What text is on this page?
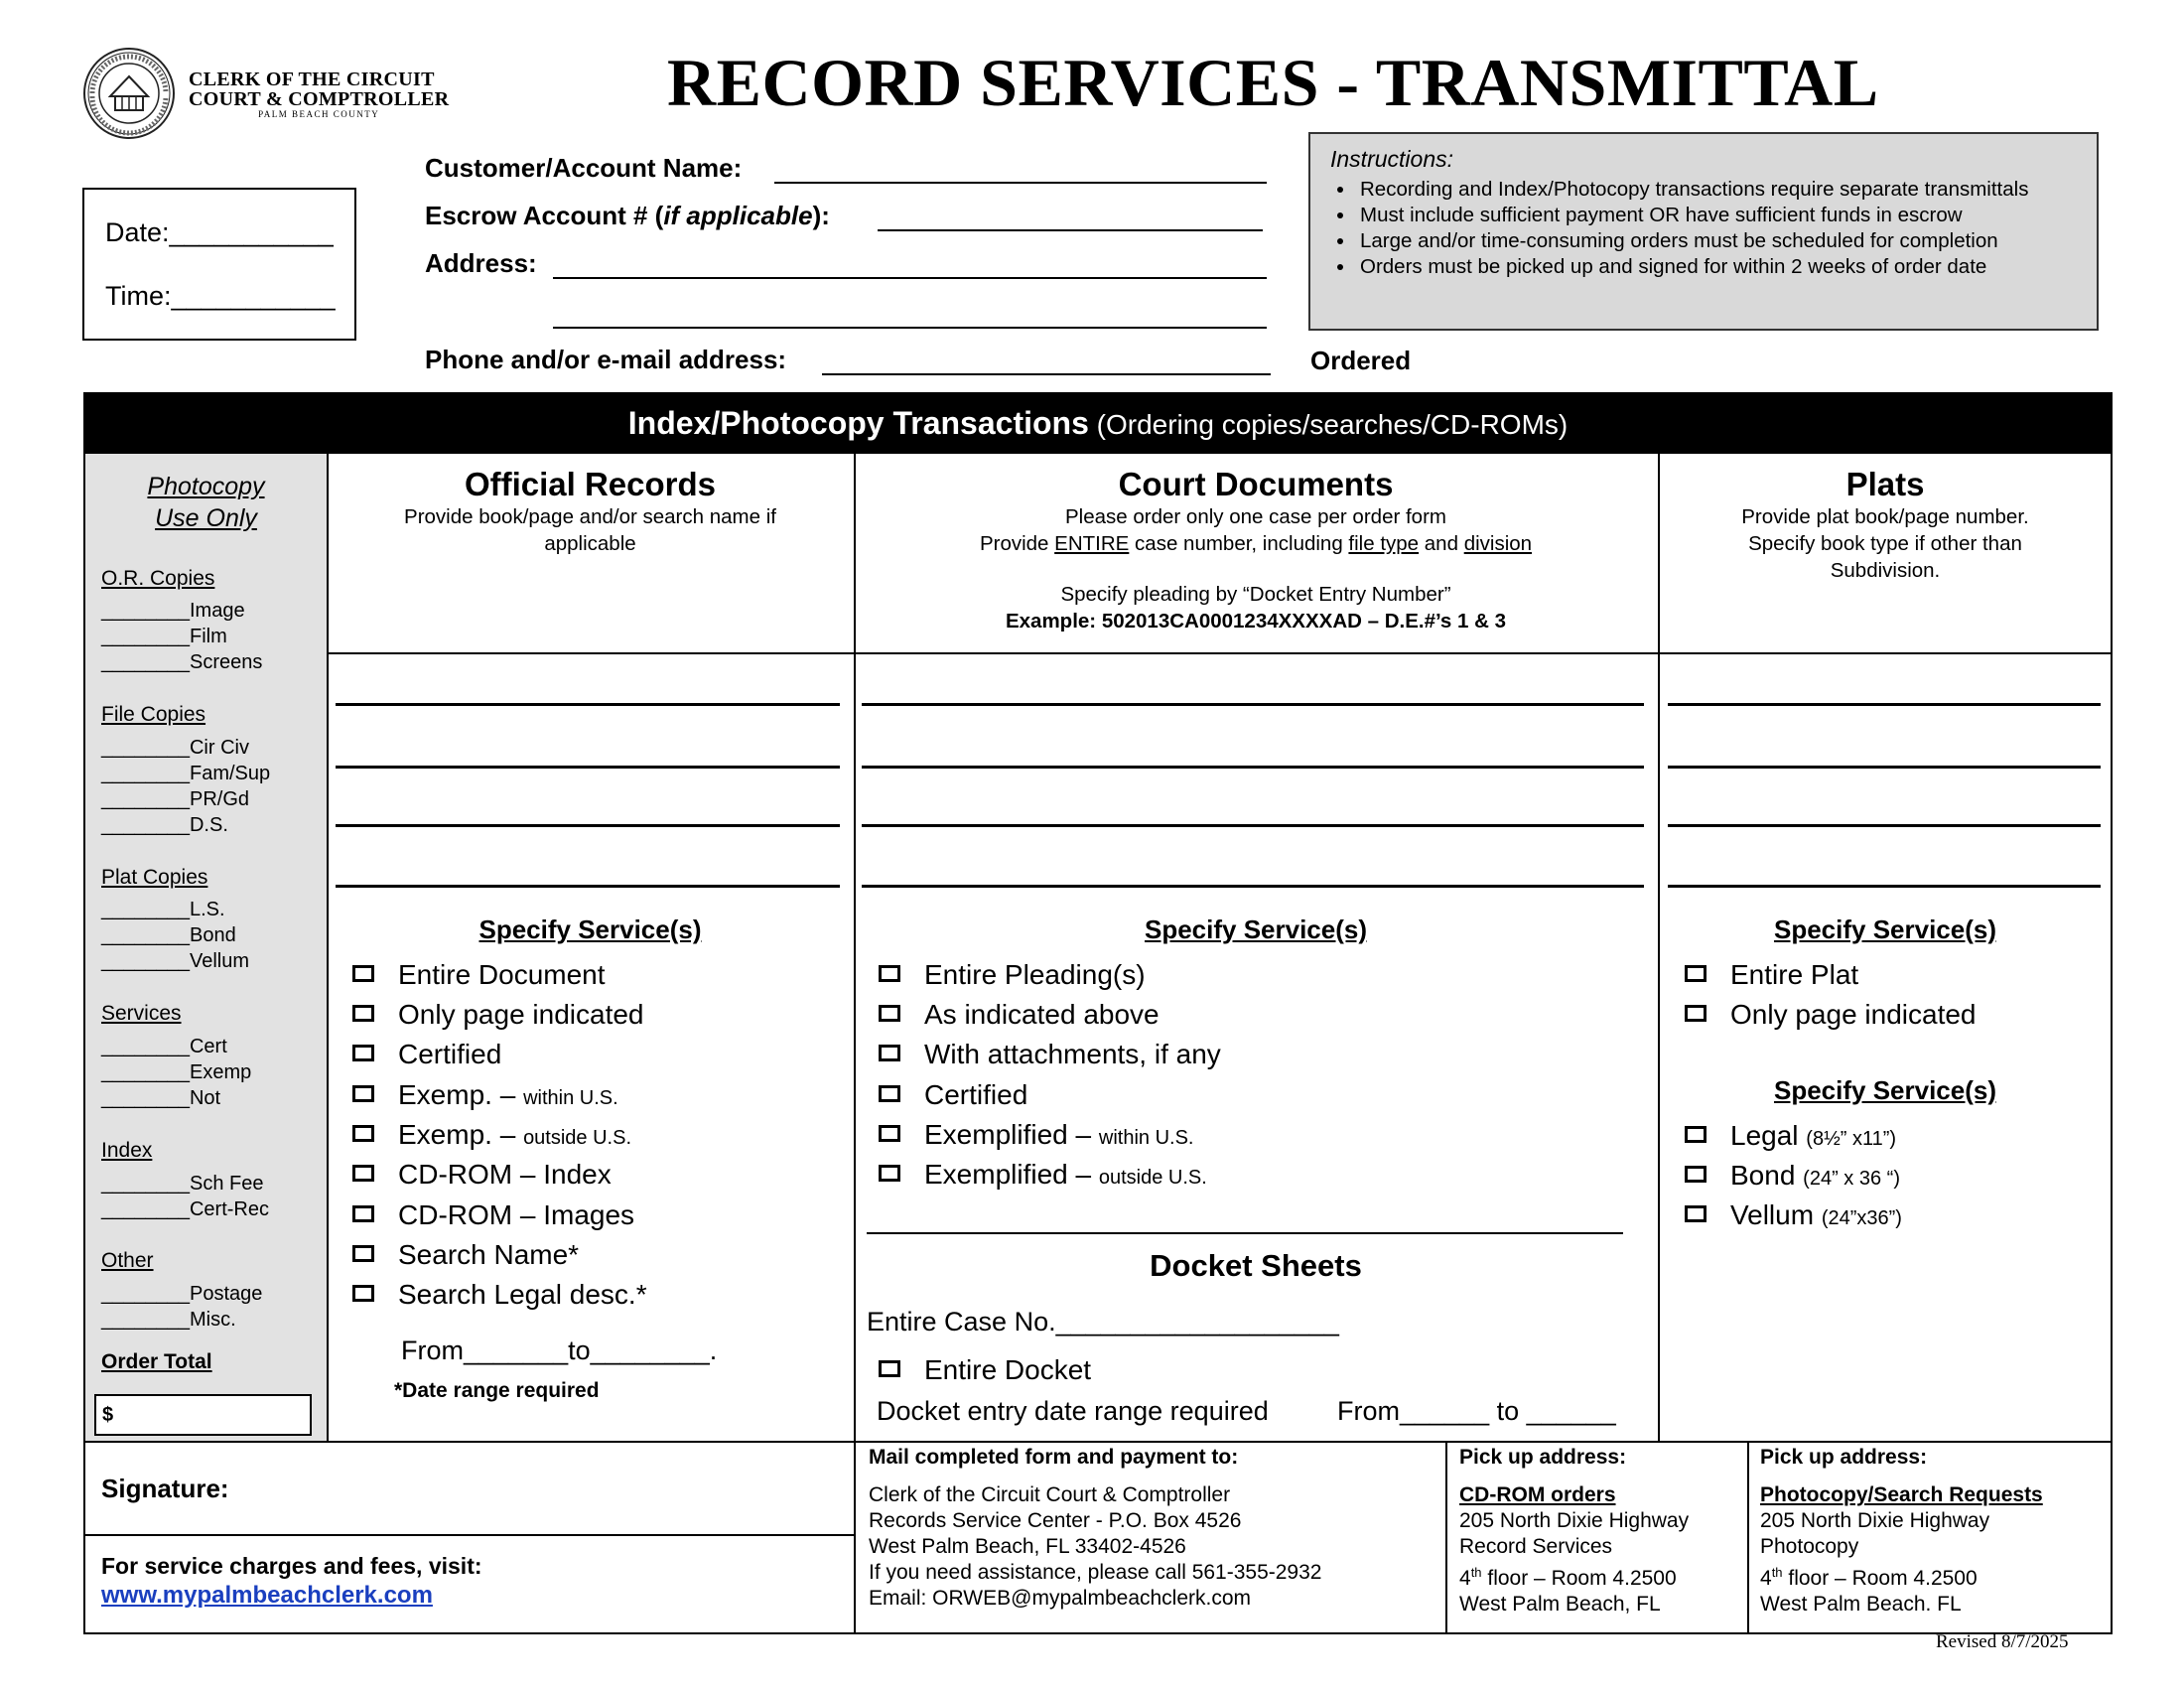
CLERK OF THE CIRCUIT
COURT & COMPTROLLER
PALM BEACH COUNTY	RECORD SERVICES - TRANSMITTAL
Date:___________
Time:___________
Customer/Account Name:
Escrow Account # (if applicable):
Address:
Phone and/or e-mail address:
Instructions:
• Recording and Index/Photocopy transactions require separate transmittals
• Must include sufficient payment OR have sufficient funds in escrow
• Large and/or time-consuming orders must be scheduled for completion
• Orders must be picked up and signed for within 2 weeks of order date
Ordered
Index/Photocopy Transactions (Ordering copies/searches/CD-ROMs)
Photocopy
Use Only
O.R. Copies
________Image
________Film
________Screens
File Copies
________Cir Civ
________Fam/Sup
________PR/Gd
________D.S.
Plat Copies
________L.S.
________Bond
________Vellum
Services
________Cert
________Exemp
________Not
Index
________Sch Fee
________Cert-Rec
Other
________Postage
________Misc.
Order Total
$
Official Records
Provide book/page and/or search name if
applicable
Specify Service(s)
Entire Document
Only page indicated
Certified
Exemp. – within U.S.
Exemp. – outside U.S.
CD-ROM – Index
CD-ROM – Images
Search Name*
Search Legal desc.*
From_______to________.
*Date range required
Court Documents
Please order only one case per order form
Provide ENTIRE case number, including file type and division
Specify pleading by “Docket Entry Number”
Example: 502013CA0001234XXXXAD – D.E.#’s 1 & 3
Specify Service(s)
Entire Pleading(s)
As indicated above
With attachments, if any
Certified
Exemplified – within U.S.
Exemplified – outside U.S.
Docket Sheets
Entire Case No.___________________
Entire Docket
Docket entry date range required	From______ to ______
Plats
Provide plat book/page number.
Specify book type if other than
Subdivision.
Specify Service(s)
Entire Plat
Only page indicated
Specify Service(s)
Legal (8½” x11”)
Bond (24” x 36 “)
Vellum (24”x36”)
Signature:
For service charges and fees, visit:
www.mypalmbeachclerk.com
Mail completed form and payment to:
Clerk of the Circuit Court & Comptroller
Records Service Center - P.O. Box 4526
West Palm Beach, FL 33402-4526
If you need assistance, please call 561-355-2932
Email: ORWEB@mypalmbeachclerk.com
Pick up address:
CD-ROM orders
205 North Dixie Highway
Record Services
4th floor – Room 4.2500
West Palm Beach, FL
Pick up address:
Photocopy/Search Requests
205 North Dixie Highway
Photocopy
4th floor – Room 4.2500
West Palm Beach. FL
Revised 8/7/2025
